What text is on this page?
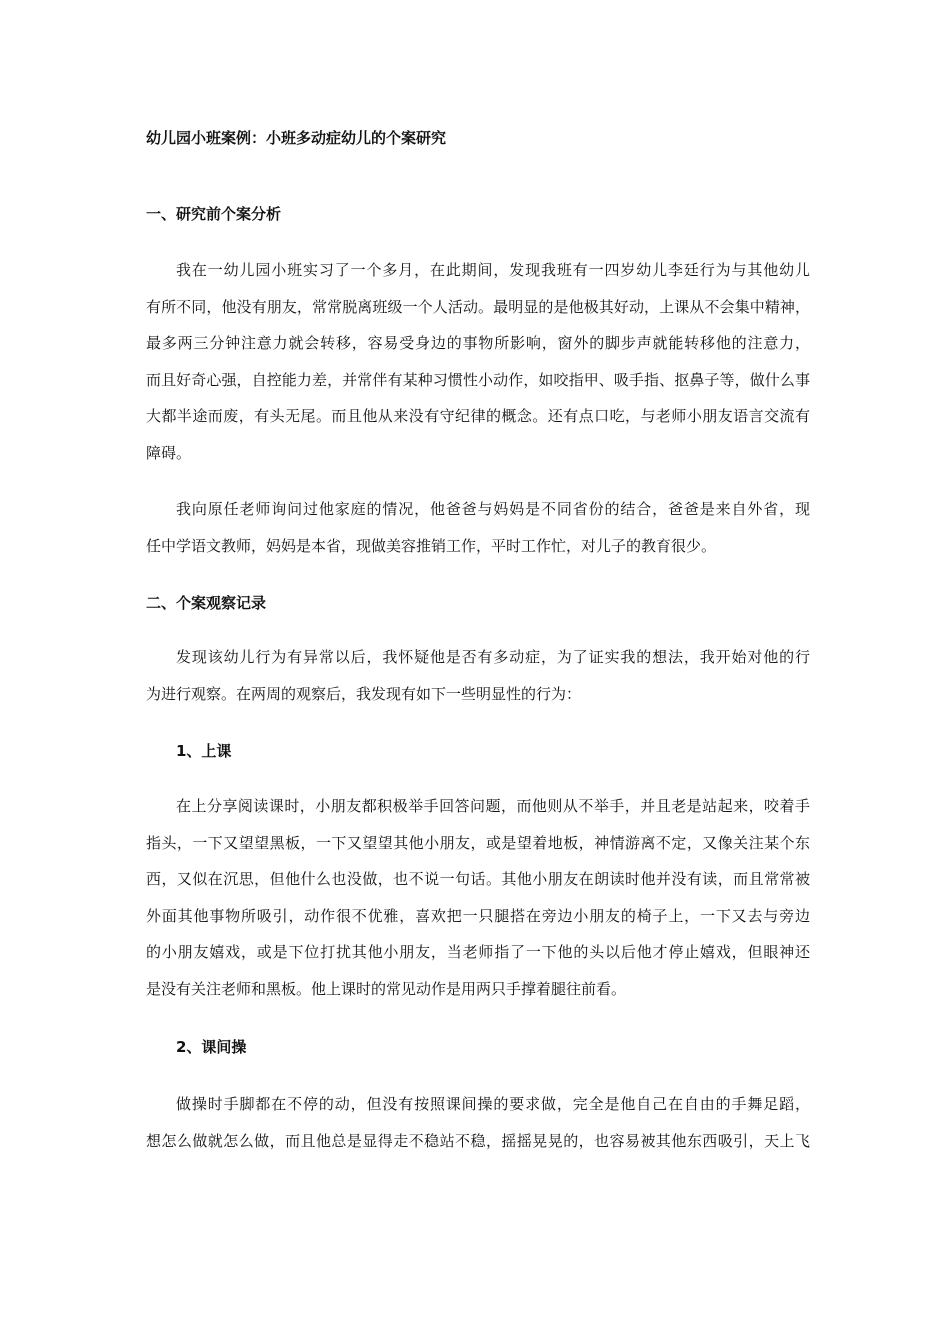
幼儿园小班案例：小班多动症幼儿的个案研究
一、研究前个案分析
我在一幼儿园小班实习了一个多月，在此期间，发现我班有一四岁幼儿李廷行为与其他幼儿
有所不同，他没有朋友，常常脱离班级一个人活动。最明显的是他极其好动，上课从不会集中精神，
最多两三分钟注意力就会转移，容易受身边的事物所影响，窗外的脚步声就能转移他的注意力，
而且好奇心强，自控能力差，并常伴有某种习惯性小动作，如咬指甲、吸手指、抠鼻子等，做什么事
大都半途而废，有头无尾。而且他从来没有守纪律的概念。还有点口吃，与老师小朋友语言交流有
障碍。
我向原任老师询问过他家庭的情况，他爸爸与妈妈是不同省份的结合，爸爸是来自外省，现
任中学语文教师，妈妈是本省，现做美容推销工作，平时工作忙，对儿子的教育很少。
二、个案观察记录
发现该幼儿行为有异常以后，我怀疑他是否有多动症，为了证实我的想法，我开始对他的行
为进行观察。在两周的观察后，我发现有如下一些明显性的行为：
1、上课
在上分享阅读课时，小朋友都积极举手回答问题，而他则从不举手，并且老是站起来，咬着手
指头，一下又望望黑板，一下又望望其他小朋友，或是望着地板，神情游离不定，又像关注某个东
西，又似在沉思，但他什么也没做，也不说一句话。其他小朋友在朗读时他并没有读，而且常常被
外面其他事物所吸引，动作很不优雅，喜欢把一只腿搭在旁边小朋友的椅子上，一下又去与旁边
的小朋友嬉戏，或是下位打扰其他小朋友，当老师指了一下他的头以后他才停止嬉戏，但眼神还
是没有关注老师和黑板。他上课时的常见动作是用两只手撑着腿往前看。
2、课间操
做操时手脚都在不停的动，但没有按照课间操的要求做，完全是他自己在自由的手舞足蹈，
想怎么做就怎么做，而且他总是显得走不稳站不稳，摇摇晃晃的，也容易被其他东西吸引，天上飞
